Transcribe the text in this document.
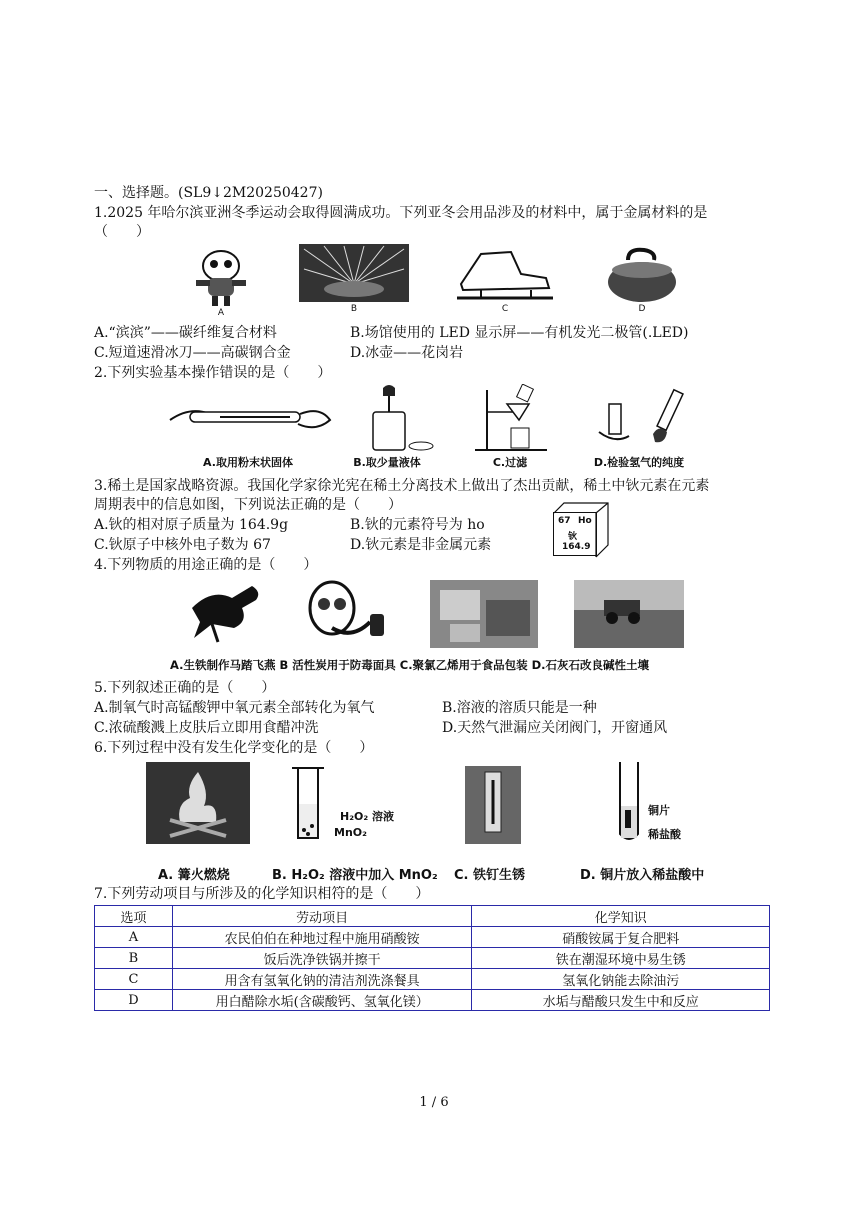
一、选择题。(SL9↓2M20250427)
1.2025 年哈尔滨亚洲冬季运动会取得圆满成功。下列亚冬会用品涉及的材料中，属于金属材料的是
（　　）
A	B	C	D
A.“滨滨”——碳纤维复合材料	B.场馆使用的 LED 显示屏——有机发光二极管(.LED)
C.短道速滑冰刀——高碳钢合金	D.冰壶——花岗岩
2.下列实验基本操作错误的是（　　）
A.取用粉末状固体	B.取少量液体	C.过滤	D.检验氢气的纯度
3.稀土是国家战略资源。我国化学家徐光宪在稀土分离技术上做出了杰出贡献，稀土中钬元素在元素
周期表中的信息如图，下列说法正确的是（　　）
A.钬的相对原子质量为 164.9g	B.钬的元素符号为 ho
C.钬原子中核外电子数为 67	D.钬元素是非金属元素
67 Ho
钬
164.9
4.下列物质的用途正确的是（　　）
A.生铁制作马踏飞燕 B 活性炭用于防毒面具 C.聚氯乙烯用于食品包装 D.石灰石改良碱性土壤
5.下列叙述正确的是（　　）
A.制氧气时高锰酸钾中氧元素全部转化为氧气	B.溶液的溶质只能是一种
C.浓硫酸溅上皮肤后立即用食醋冲洗	D.天然气泄漏应关闭阀门，开窗通风
6.下列过程中没有发生化学变化的是（　　）
H₂O₂ 溶液
MnO₂
铜片
稀盐酸
A. 篝火燃烧	B. H₂O₂ 溶液中加入 MnO₂ C. 铁钉生锈	D. 铜片放入稀盐酸中
7.下列劳动项目与所涉及的化学知识相符的是（　　）
选项	劳动项目	化学知识
A	农民伯伯在种地过程中施用硝酸铵	硝酸铵属于复合肥料
B	饭后洗净铁锅并擦干	铁在潮湿环境中易生锈
C	用含有氢氧化钠的清洁剂洗涤餐具	氢氧化钠能去除油污
D	用白醋除水垢(含碳酸钙、氢氧化镁）	水垢与醋酸只发生中和反应
1 / 6
